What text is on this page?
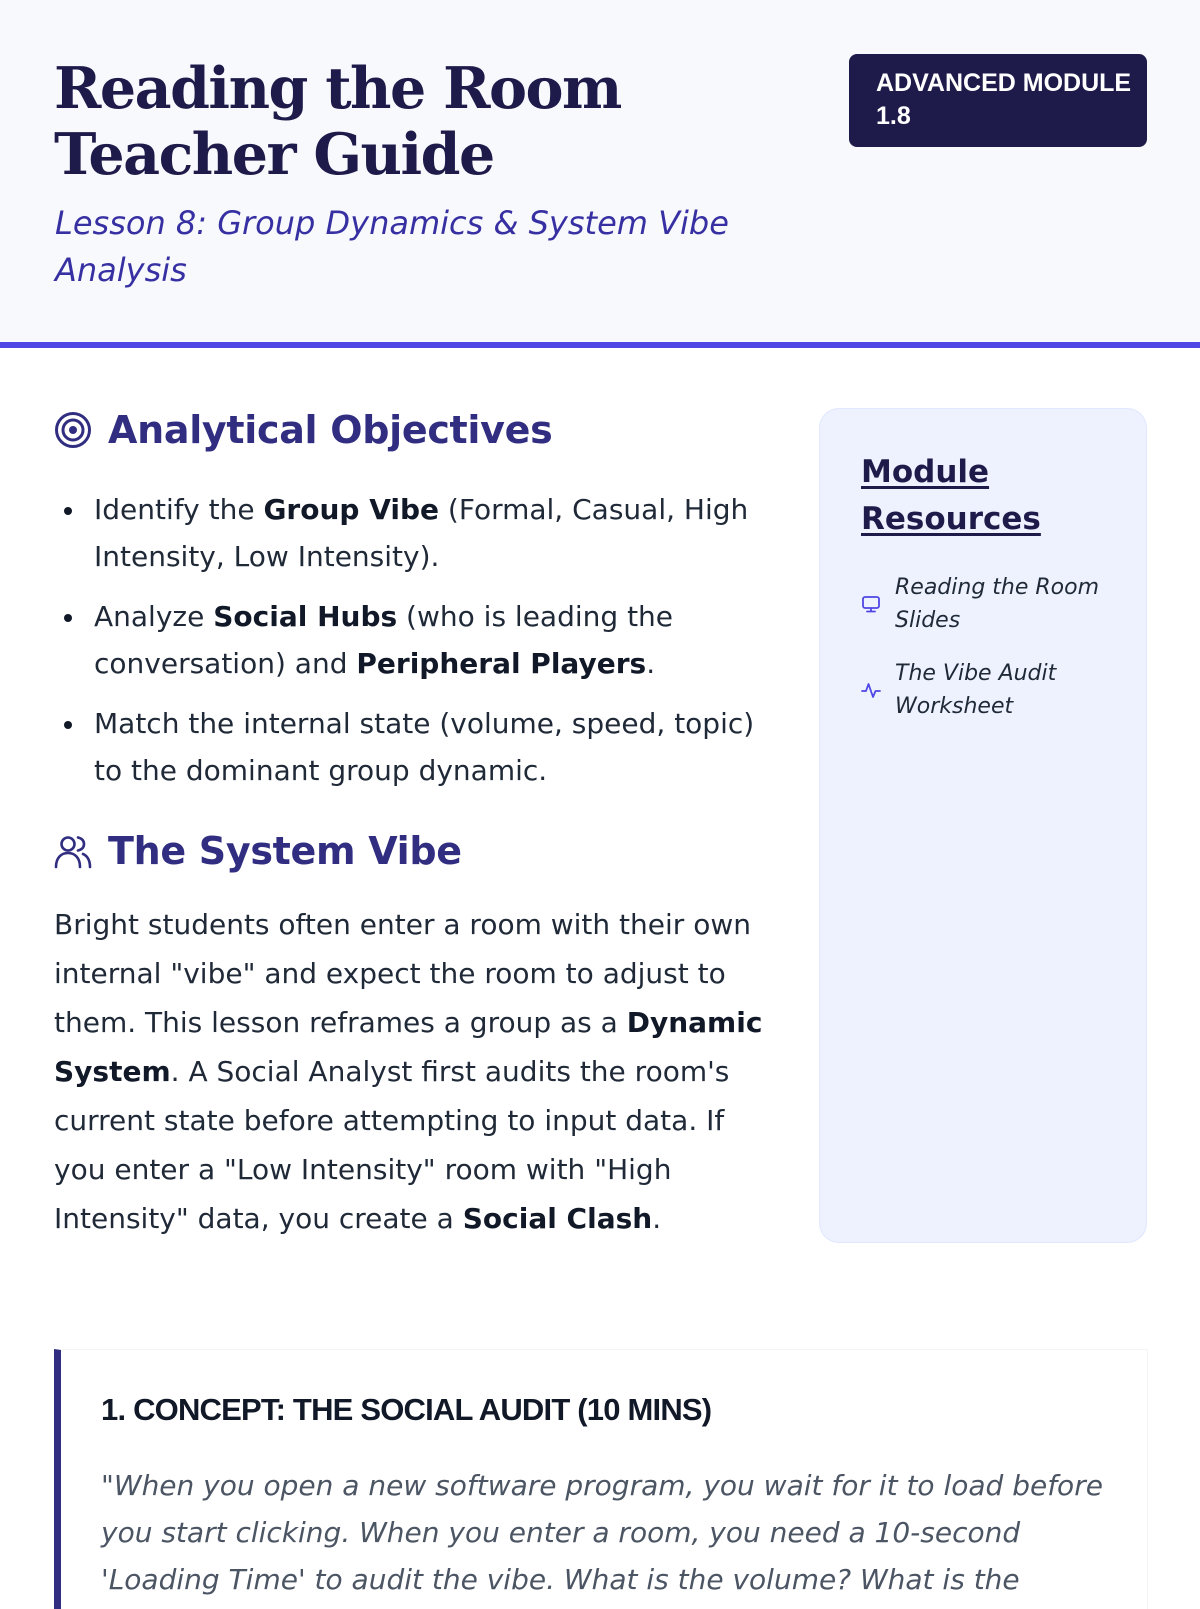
Reading the Room Teacher Guide
Lesson 8: Group Dynamics & System Vibe Analysis
ADVANCED MODULE 1.8
Analytical Objectives
Identify the Group Vibe (Formal, Casual, High Intensity, Low Intensity).
Analyze Social Hubs (who is leading the conversation) and Peripheral Players.
Match the internal state (volume, speed, topic) to the dominant group dynamic.
The System Vibe

Bright students often enter a room with their own internal "vibe" and expect the room to adjust to them. This lesson reframes a group as a Dynamic System. A Social Analyst first audits the room's current state before attempting to input data. If you enter a "Low Intensity" room with "High Intensity" data, you create a Social Clash.

Module Resources
Reading the Room Slides
The Vibe Audit Worksheet
1. CONCEPT: THE SOCIAL AUDIT (10 MINS)

"When you open a new software program, you wait for it to load before you start clicking. When you enter a room, you need a 10-second 'Loading Time' to audit the vibe. What is the volume? What is the
